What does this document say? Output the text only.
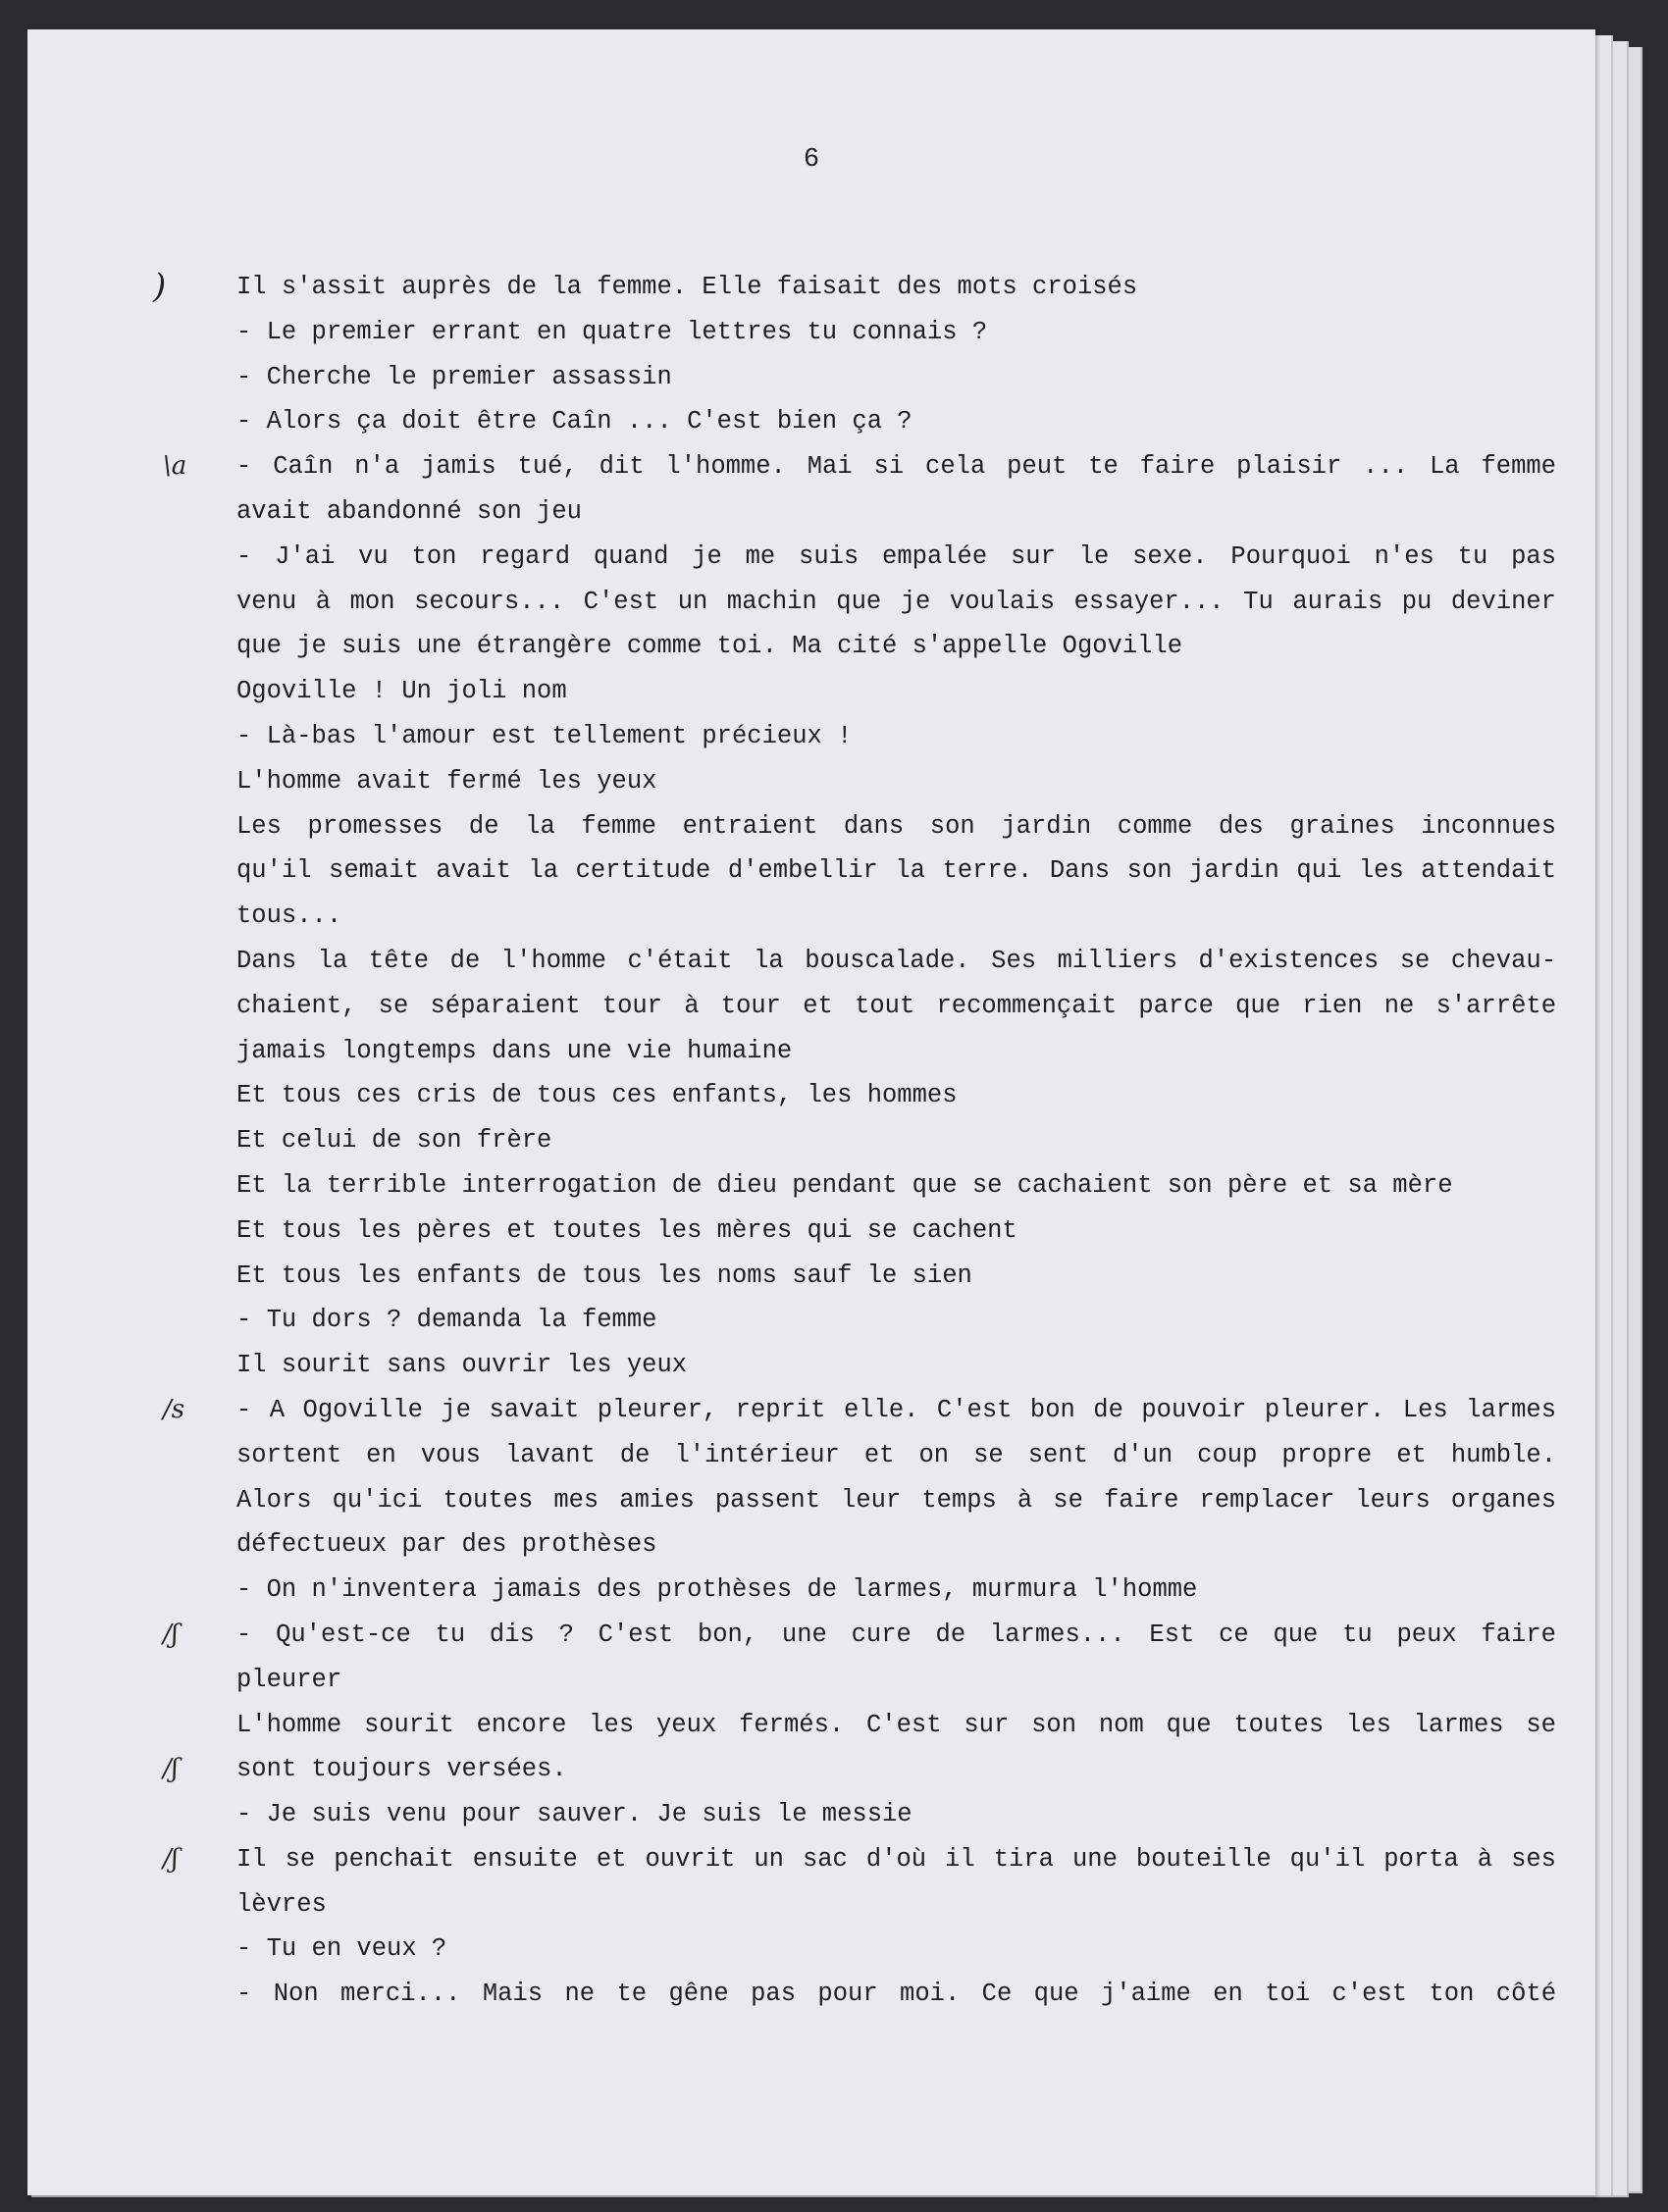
6
Il s'assit auprès de la femme. Elle faisait des mots croisés
)
- Le premier errant en quatre lettres tu connais ?
- Cherche le premier assassin
- Alors ça doit être Caîn ... C'est bien ça ?
- Caîn n'a jamis tué, dit l'homme. Mai si cela peut te faire plaisir ... La femme
\a
avait abandonné son jeu
- J'ai vu ton regard quand je me suis empalée sur le sexe. Pourquoi n'es tu pas
venu à mon secours... C'est un machin que je voulais essayer... Tu aurais pu deviner
que je suis une étrangère comme toi. Ma cité s'appelle Ogoville
Ogoville ! Un joli nom
- Là-bas l'amour est tellement précieux !
L'homme avait fermé les yeux
Les promesses de la femme entraient dans son jardin comme des graines inconnues
qu'il semait avait la certitude d'embellir la terre. Dans son jardin qui les attendait
tous...
Dans la tête de l'homme c'était la bouscalade. Ses milliers d'existences se chevau-
chaient, se séparaient tour à tour et tout recommençait parce que rien ne s'arrête
jamais longtemps dans une vie humaine
Et tous ces cris de tous ces enfants, les hommes
Et celui de son frère
Et la terrible interrogation de dieu pendant que se cachaient son père et sa mère
Et tous les pères et toutes les mères qui se cachent
Et tous les enfants de tous les noms sauf le sien
- Tu dors ? demanda la femme
Il sourit sans ouvrir les yeux
- A Ogoville je savait pleurer, reprit elle. C'est bon de pouvoir pleurer. Les larmes
/s
sortent en vous lavant de l'intérieur et on se sent d'un coup propre et humble.
Alors qu'ici toutes mes amies passent leur temps à se faire remplacer leurs organes
défectueux par des prothèses
- On n'inventera jamais des prothèses de larmes, murmura l'homme
- Qu'est-ce tu dis ? C'est bon, une cure de larmes... Est ce que tu peux faire
/ʃ
pleurer
L'homme sourit encore les yeux fermés. C'est sur son nom que toutes les larmes se
sont toujours versées.
/ʃ
- Je suis venu pour sauver. Je suis le messie
Il se penchait ensuite et ouvrit un sac d'où il tira une bouteille qu'il porta à ses
/ʃ
lèvres
- Tu en veux ?
- Non merci... Mais ne te gêne pas pour moi. Ce que j'aime en toi c'est ton côté
